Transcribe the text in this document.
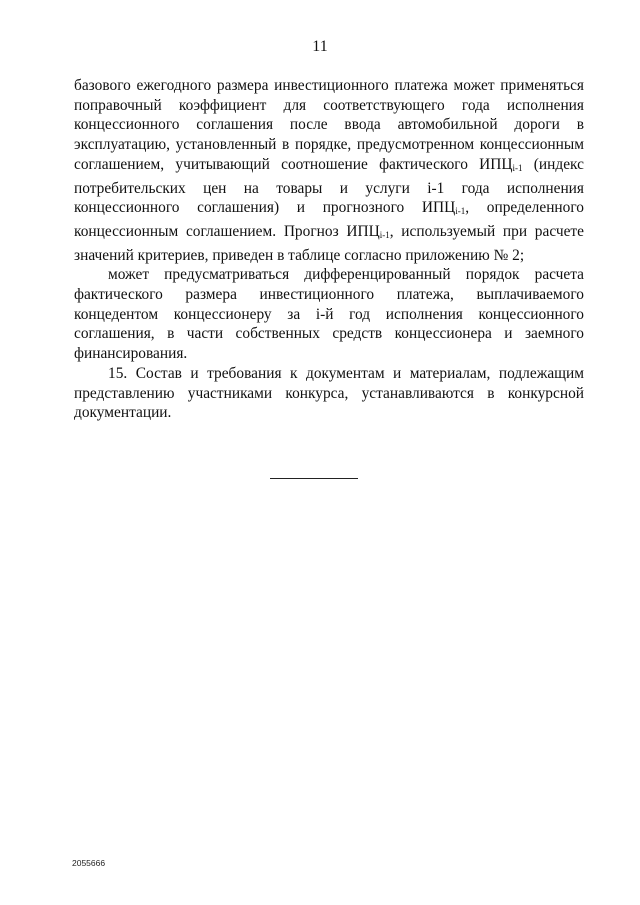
11

базового ежегодного размера инвестиционного платежа может применяться поправочный коэффициент для соответствующего года исполнения концессионного соглашения после ввода автомобильной дороги в эксплуатацию, установленный в порядке, предусмотренном концессионным соглашением, учитывающий соотношение фактического $ИПЦ_{i-1}$ (индекс потребительских цен на товары и услуги i-1 года исполнения концессионного соглашения) и прогнозного $ИПЦ_{i-1}$, определенного концессионным соглашением. Прогноз $ИПЦ_{i-1}$, используемый при расчете значений критериев, приведен в таблице согласно приложению № 2;

может предусматриваться дифференцированный порядок расчета фактического размера инвестиционного платежа, выплачиваемого концедентом концессионеру за i-й год исполнения концессионного соглашения, в части собственных средств концессионера и заемного финансирования.

15. Состав и требования к документам и материалам, подлежащим представлению участниками конкурса, устанавливаются в конкурсной документации.

2055666
